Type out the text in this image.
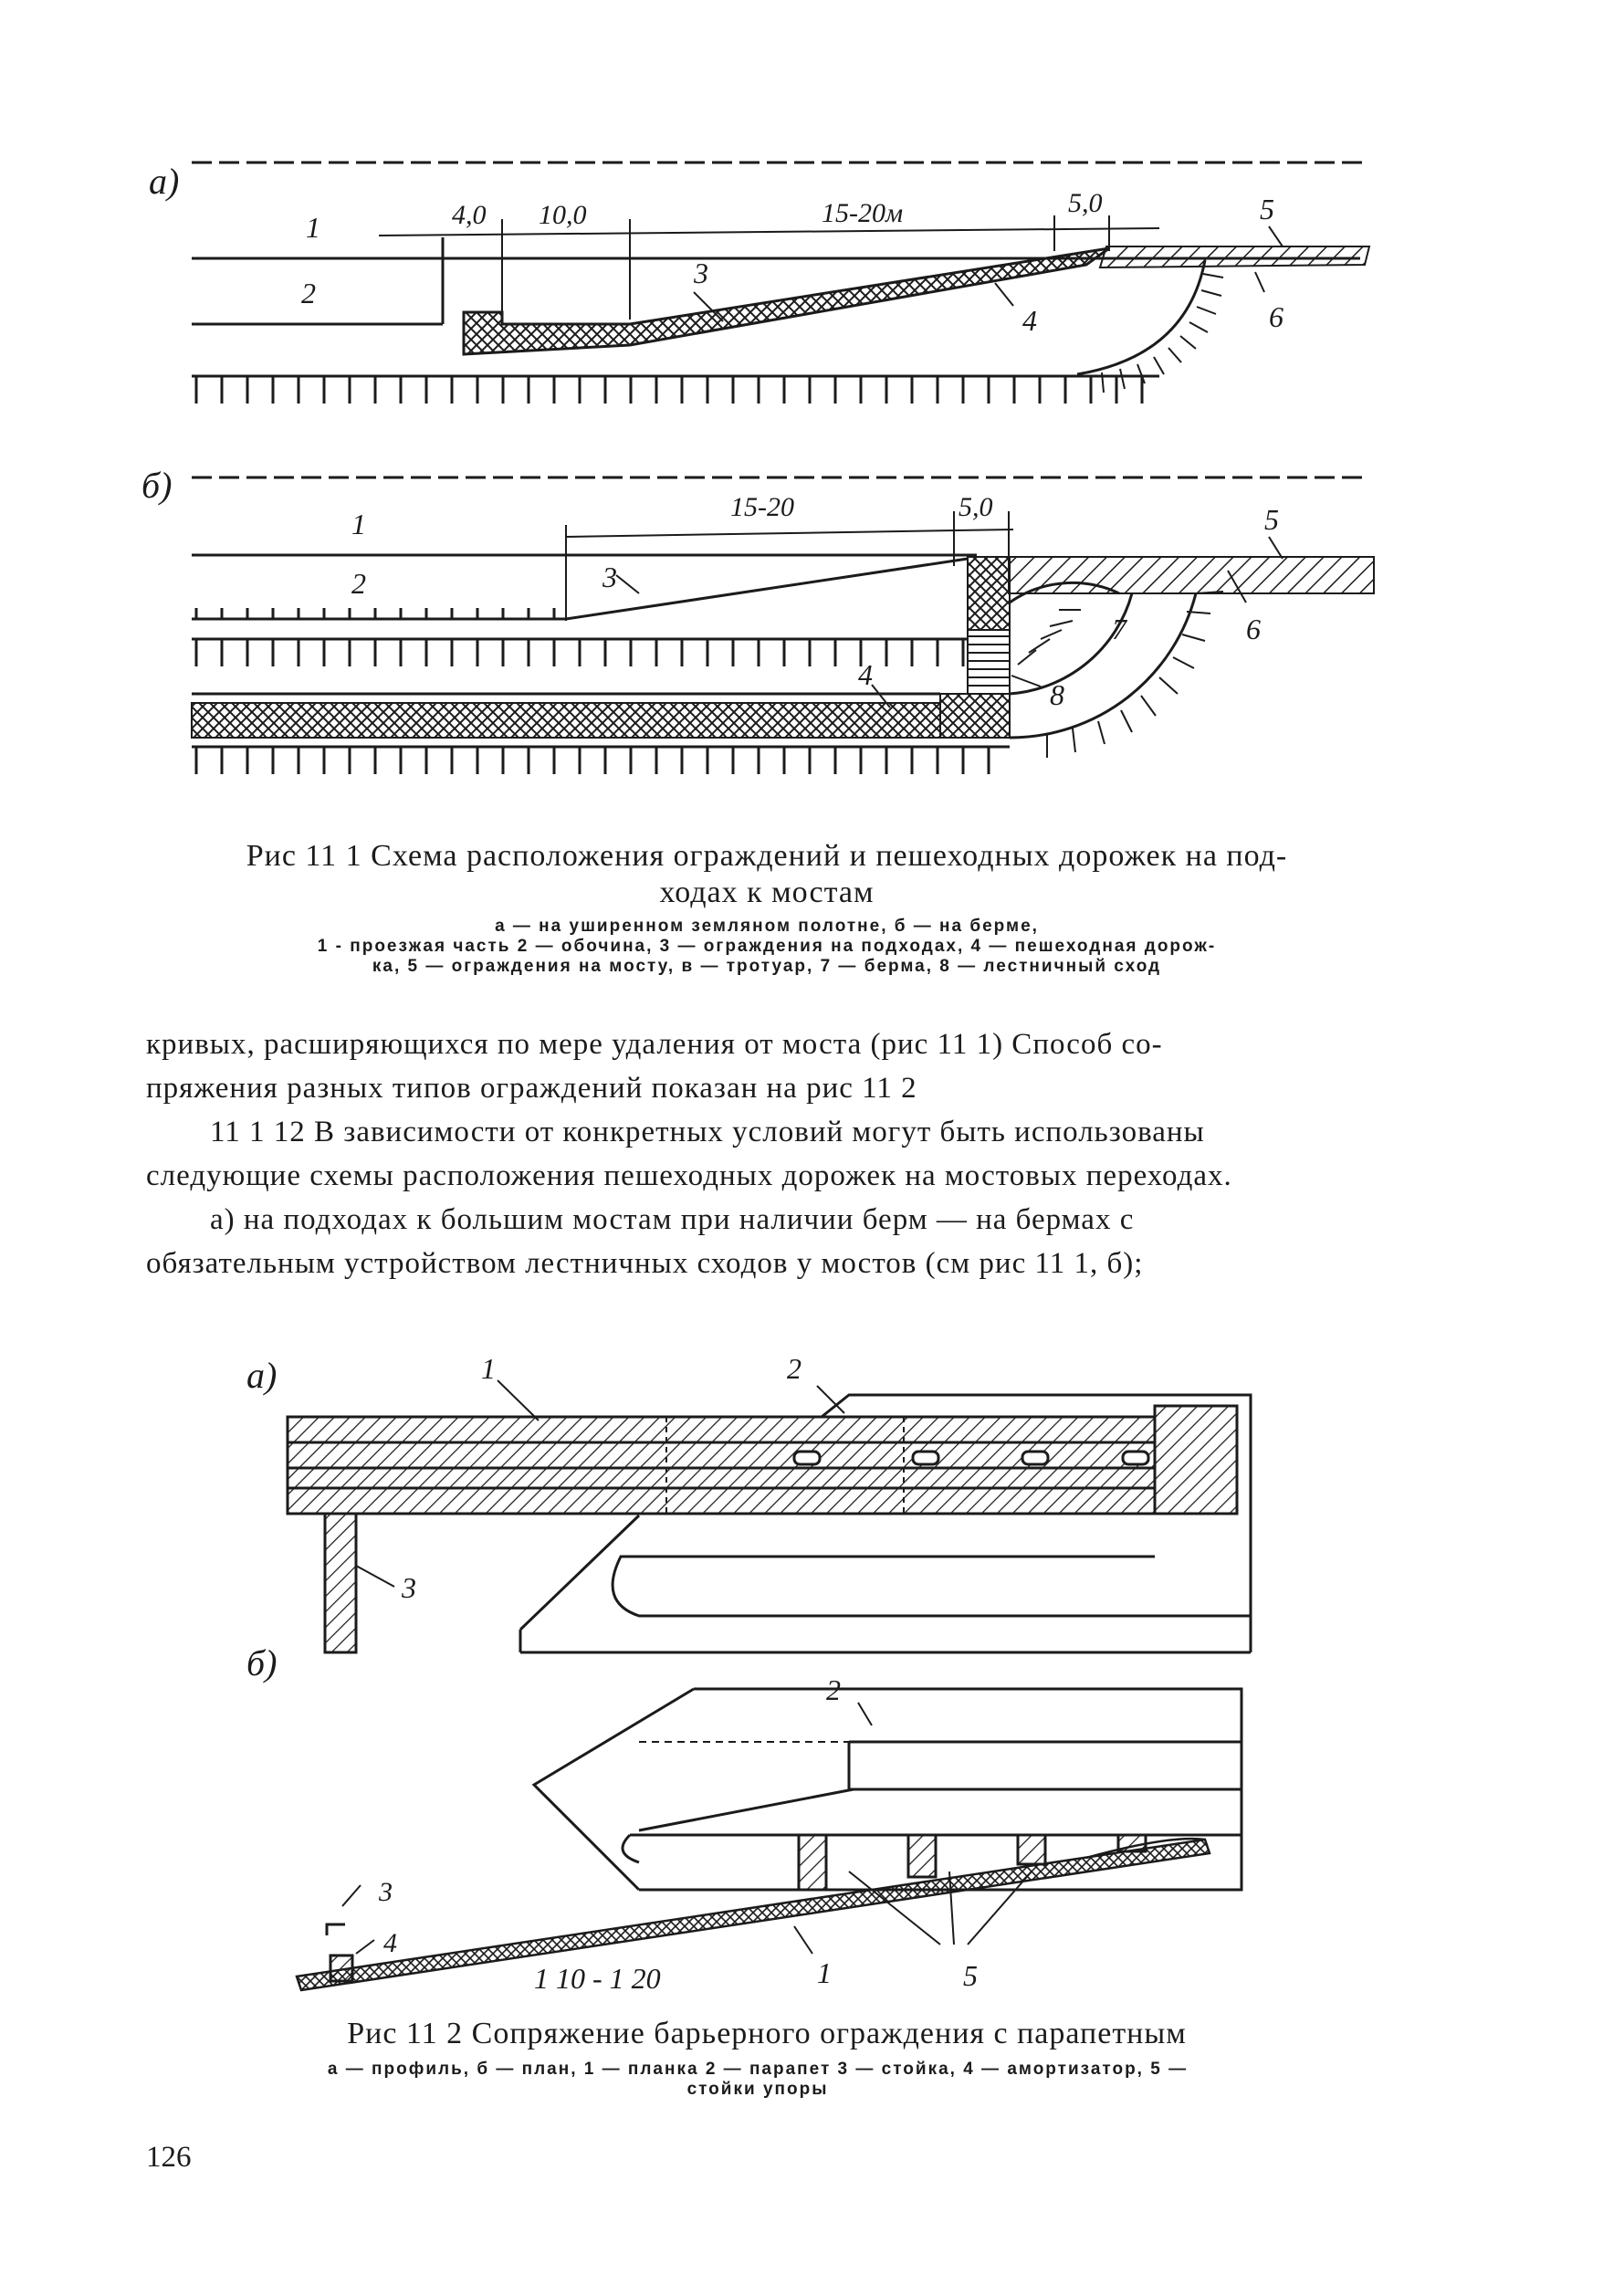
а)
4,0 10,0	15-20м	5,0
1
2
3
4
5
6
б)
15-20	5,0
1
2	3
4
5
6
7
8
Рис 11 1 Схема расположения ограждений и пешеходных дорожек на под-
ходах к мостам
а — на уширенном земляном полотне, б — на берме,
1 - проезжая часть 2 — обочина, 3 — ограждения на подходах, 4 — пешеходная дорож-
ка, 5 — ограждения на мосту, в — тротуар, 7 — берма, 8 — лестничный сход

кривых, расширяющихся по мере удаления от моста (рис 11 1) Способ со-

пряжения разных типов ограждений показан на рис 11 2

11 1 12 В зависимости от конкретных условий могут быть использованы

следующие схемы расположения пешеходных дорожек на мостовых переходах.

а) на подходах к большим мостам при наличии берм — на бермах с

обязательным устройством лестничных сходов у мостов (см рис 11 1, б);

а)	1	2
3
б)
2
3
4
1	5
1 10 - 1 20
Рис 11 2 Сопряжение барьерного ограждения с парапетным
а — профиль, б — план, 1 — планка 2 — парапет 3 — стойка, 4 — амортизатор, 5 —
стойки упоры
126
